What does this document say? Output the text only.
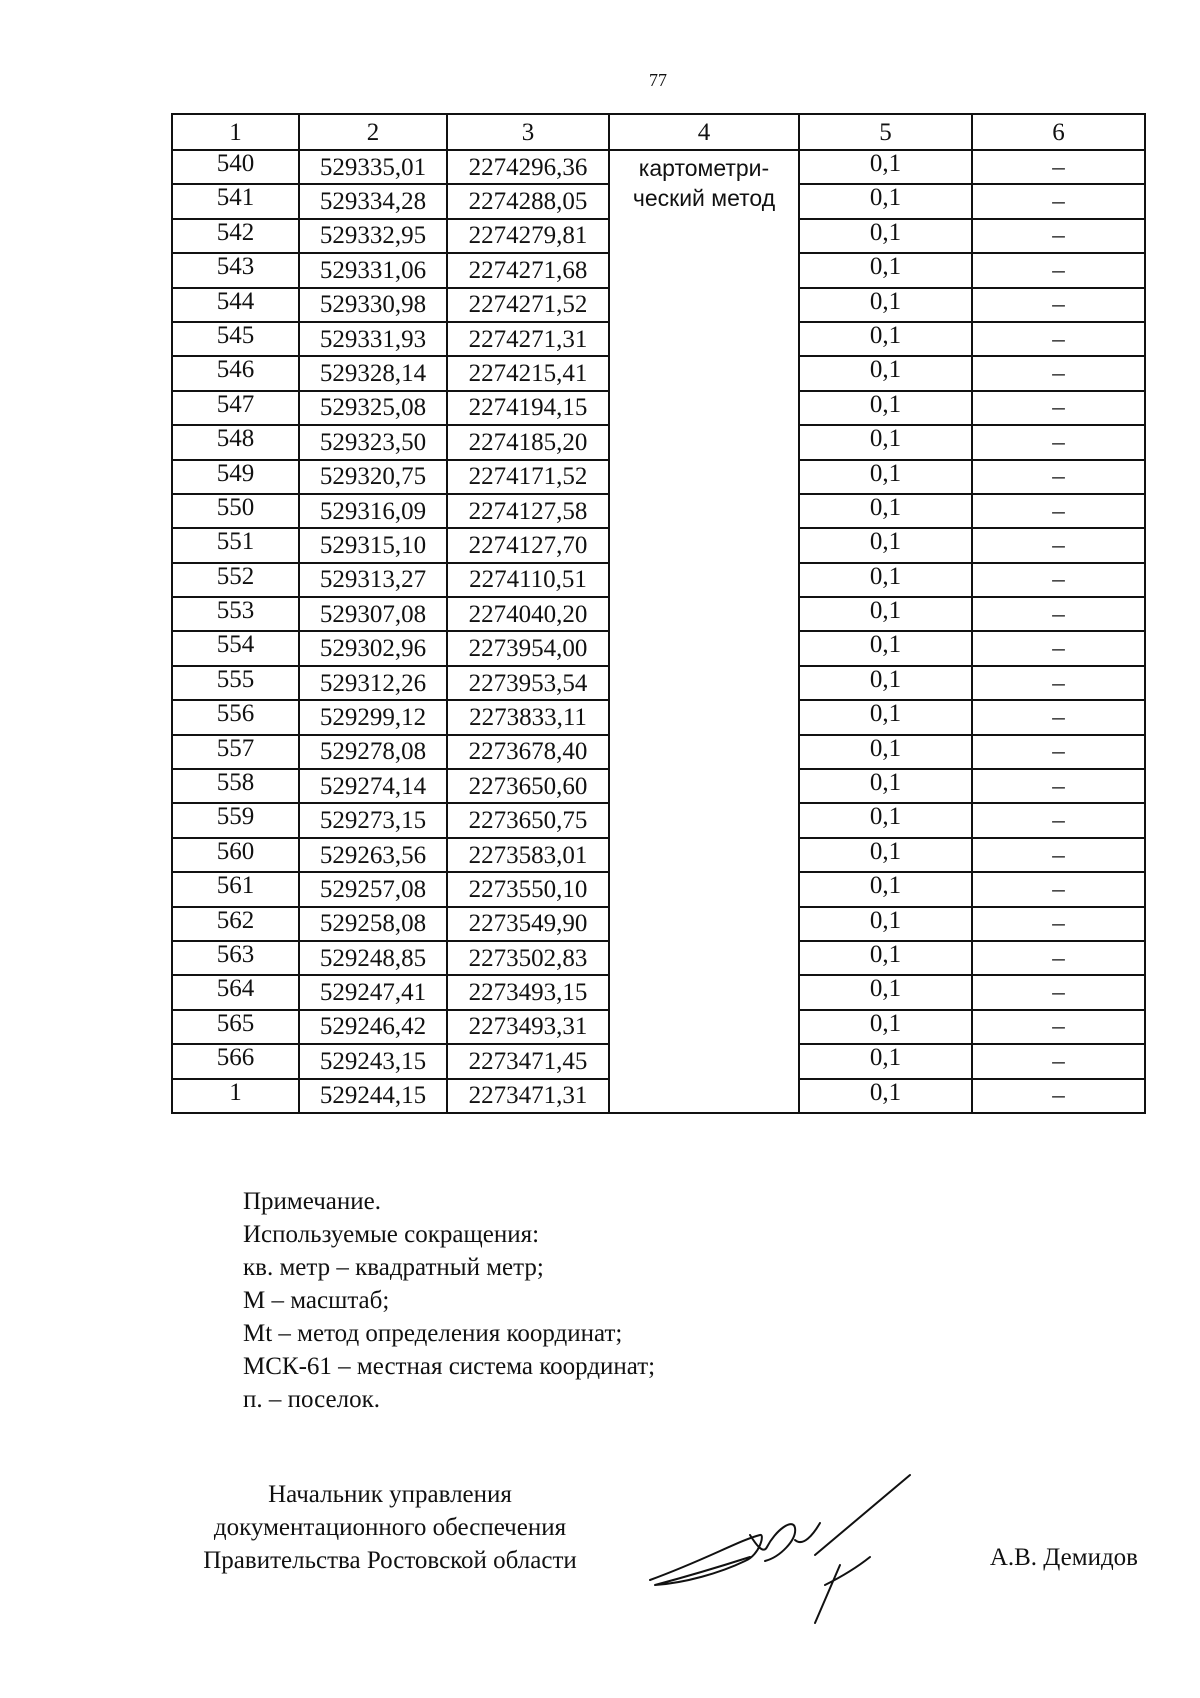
77
1	2	3	4	5	6
540	529335,01	2274296,36	картометри-ческий метод	0,1	–
541	529334,28	2274288,05		0,1	–
542	529332,95	2274279,81		0,1	–
543	529331,06	2274271,68		0,1	–
544	529330,98	2274271,52		0,1	–
545	529331,93	2274271,31		0,1	–
546	529328,14	2274215,41		0,1	–
547	529325,08	2274194,15		0,1	–
548	529323,50	2274185,20		0,1	–
549	529320,75	2274171,52		0,1	–
550	529316,09	2274127,58		0,1	–
551	529315,10	2274127,70		0,1	–
552	529313,27	2274110,51		0,1	–
553	529307,08	2274040,20		0,1	–
554	529302,96	2273954,00		0,1	–
555	529312,26	2273953,54		0,1	–
556	529299,12	2273833,11		0,1	–
557	529278,08	2273678,40		0,1	–
558	529274,14	2273650,60		0,1	–
559	529273,15	2273650,75		0,1	–
560	529263,56	2273583,01		0,1	–
561	529257,08	2273550,10		0,1	–
562	529258,08	2273549,90		0,1	–
563	529248,85	2273502,83		0,1	–
564	529247,41	2273493,15		0,1	–
565	529246,42	2273493,31		0,1	–
566	529243,15	2273471,45		0,1	–
1	529244,15	2273471,31		0,1	–
Примечание.
Используемые сокращения:
кв. метр – квадратный метр;
М – масштаб;
Mt – метод определения координат;
МСК-61 – местная система координат;
п. – поселок.
Начальник управления
документационного обеспечения
Правительства Ростовской области	А.В. Демидов
